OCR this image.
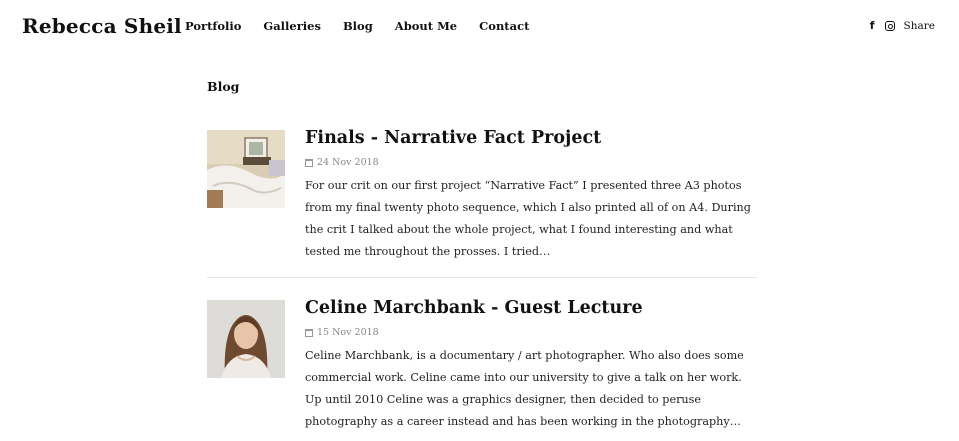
Rebecca Sheil Portfolio Galleries Blog About Me Contact	f	Share
Blog
Finals - Narrative Fact Project
24 Nov 2018

For our crit on our first project “Narrative Fact” I presented three A3 photos from my final twenty photo sequence, which I also printed all of on A4. During the crit I talked about the whole project, what I found interesting and what tested me throughout the prosses. I tried…

Celine Marchbank - Guest Lecture
15 Nov 2018

Celine Marchbank, is a documentary / art photographer. Who also does some commercial work. Celine came into our university to give a talk on her work. Up until 2010 Celine was a graphics designer, then decided to peruse photography as a career instead and has been working in the photography…
